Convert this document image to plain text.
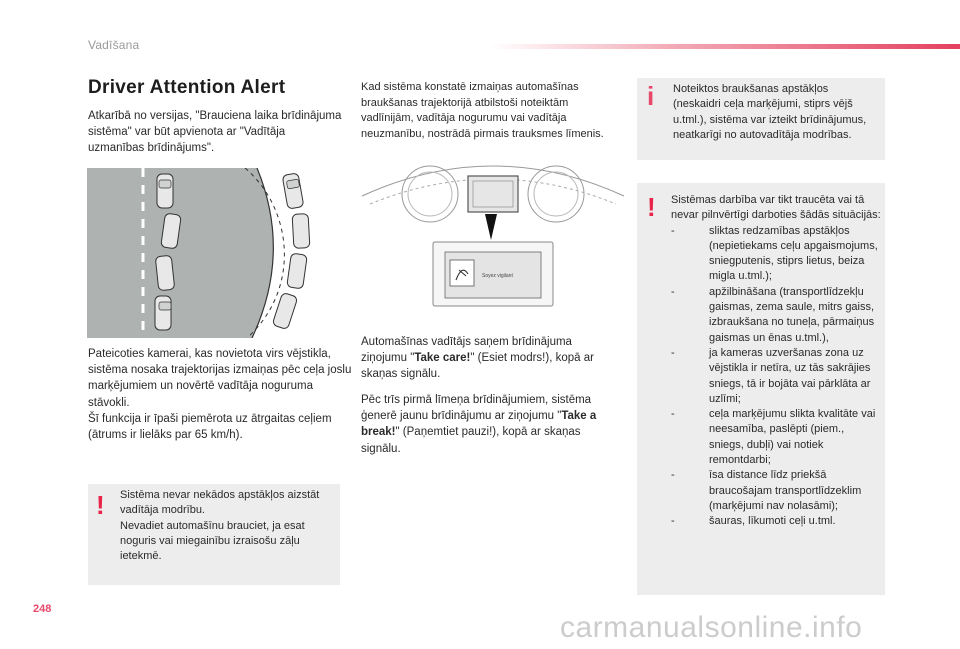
Vadīšana
Driver Attention Alert
Atkarībā no versijas, "Brauciena laika brīdinājuma sistēma" var būt apvienota ar "Vadītāja uzmanības brīdinājums".
Pateicoties kamerai, kas novietota virs vējstikla, sistēma nosaka trajektorijas izmaiņas pēc ceļa joslu marķējumiem un novērtē vadītāja noguruma stāvokli.
Šī funkcija ir īpaši piemērota uz ātrgaitas ceļiem (ātrums ir lielāks par 65 km/h).
! Sistēma nevar nekādos apstākļos aizstāt vadītāja modrību.
Nevadiet automašīnu brauciet, ja esat noguris vai miegainību izraisošu zāļu ietekmē.
Kad sistēma konstatē izmaiņas automašīnas braukšanas trajektorijā atbilstoši noteiktām vadlīnijām, vadītāja nogurumu vai vadītāja neuzmanību, nostrādā pirmais trauksmes līmenis.
Soyez vigilant
Automašīnas vadītājs saņem brīdinājuma ziņojumu "Take care!" (Esiet modrs!), kopā ar skaņas signālu.
Pēc trīs pirmā līmeņa brīdinājumiem, sistēma ģenerē jaunu brīdinājumu ar ziņojumu "Take a break!" (Paņemtiet pauzi!), kopā ar skaņas signālu.
i Noteiktos braukšanas apstākļos (neskaidri ceļa marķējumi, stiprs vējš u.tml.), sistēma var izteikt brīdinājumus, neatkarīgi no autovadītāja modrības.
! Sistēmas darbība var tikt traucēta vai tā nevar pilnvērtīgi darboties šādās situācijās:
- sliktas redzamības apstākļos (nepietiekams ceļu apgaismojums, sniegputenis, stiprs lietus, beiza migla u.tml.);
- apžilbināšana (transportlīdzekļu gaismas, zema saule, mitrs gaiss, izbraukšana no tuneļa, pārmaiņus gaismas un ēnas u.tml.),
- ja kameras uzveršanas zona uz vējstikla ir netīra, uz tās sakrājies sniegs, tā ir bojāta vai pārklāta ar uzlīmi;
- ceļa marķējumu slikta kvalitāte vai neesamība, paslēpti (piem., sniegs, dubļi) vai notiek remontdarbi;
- īsa distance līdz priekšā braucošajam transportlīdzeklim (marķējumi nav nolasāmi);
- šauras, līkumoti ceļi u.tml.
248
carmanualsonline.info
